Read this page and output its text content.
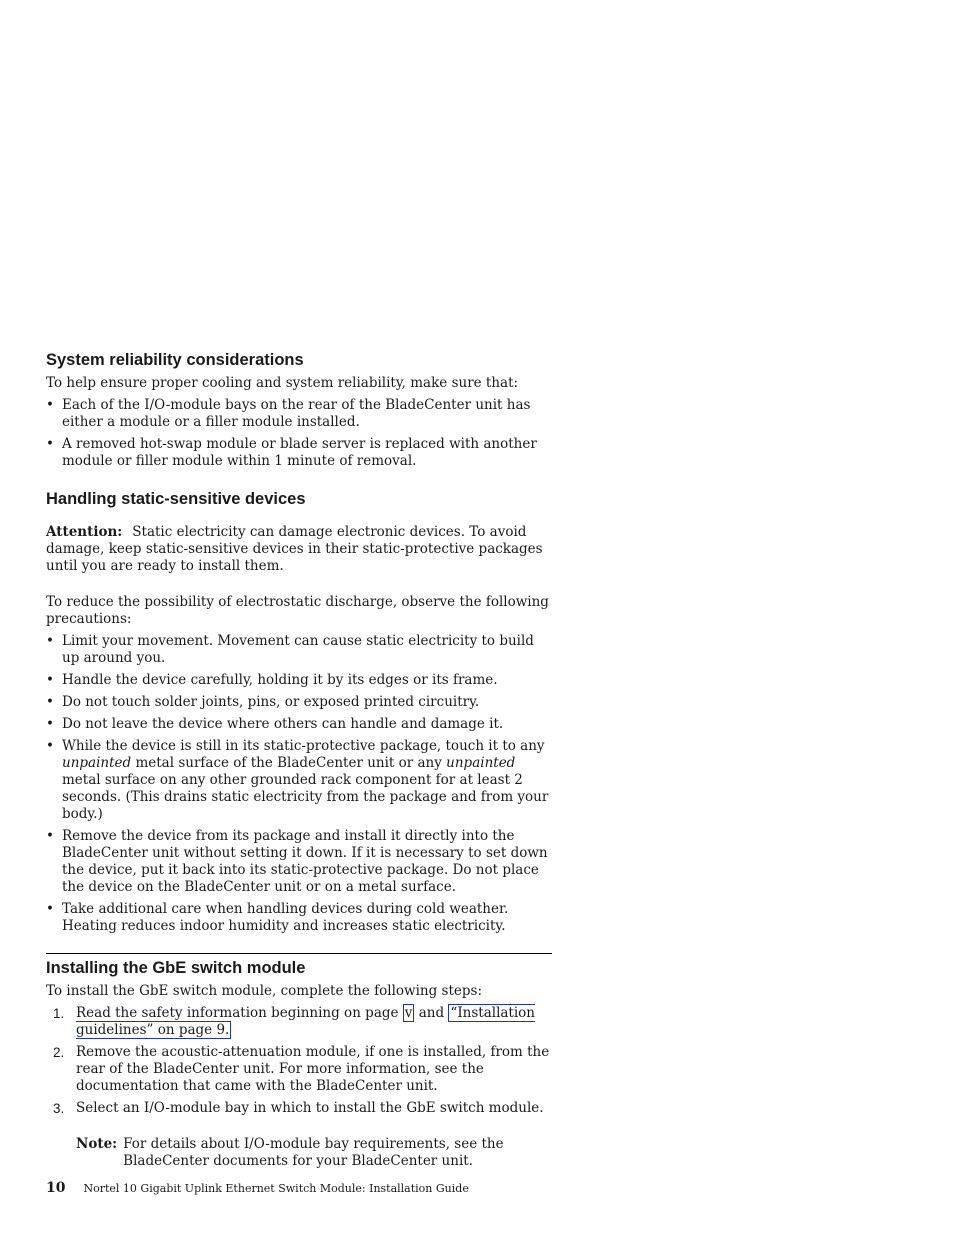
System reliability considerations

To help ensure proper cooling and system reliability, make sure that:

• Each of the I/O-module bays on the rear of the BladeCenter unit has either a module or a filler module installed.
• A removed hot-swap module or blade server is replaced with another module or filler module within 1 minute of removal.
Handling static-sensitive devices

Attention: Static electricity can damage electronic devices. To avoid damage, keep static-sensitive devices in their static-protective packages until you are ready to install them.

To reduce the possibility of electrostatic discharge, observe the following precautions:

• Limit your movement. Movement can cause static electricity to build up around you.
• Handle the device carefully, holding it by its edges or its frame.
• Do not touch solder joints, pins, or exposed printed circuitry.
• Do not leave the device where others can handle and damage it.
• While the device is still in its static-protective package, touch it to any unpainted metal surface of the BladeCenter unit or any unpainted metal surface on any other grounded rack component for at least 2 seconds. (This drains static electricity from the package and from your body.)
• Remove the device from its package and install it directly into the BladeCenter unit without setting it down. If it is necessary to set down the device, put it back into its static-protective package. Do not place the device on the BladeCenter unit or on a metal surface.
• Take additional care when handling devices during cold weather. Heating reduces indoor humidity and increases static electricity.
Installing the GbE switch module

To install the GbE switch module, complete the following steps:

1. Read the safety information beginning on page v and “Installation guidelines” on page 9.
2. Remove the acoustic-attenuation module, if one is installed, from the rear of the BladeCenter unit. For more information, see the documentation that came with the BladeCenter unit.
3. Select an I/O-module bay in which to install the GbE switch module.
Note: For details about I/O-module bay requirements, see the BladeCenter documents for your BladeCenter unit.
10 Nortel 10 Gigabit Uplink Ethernet Switch Module: Installation Guide
